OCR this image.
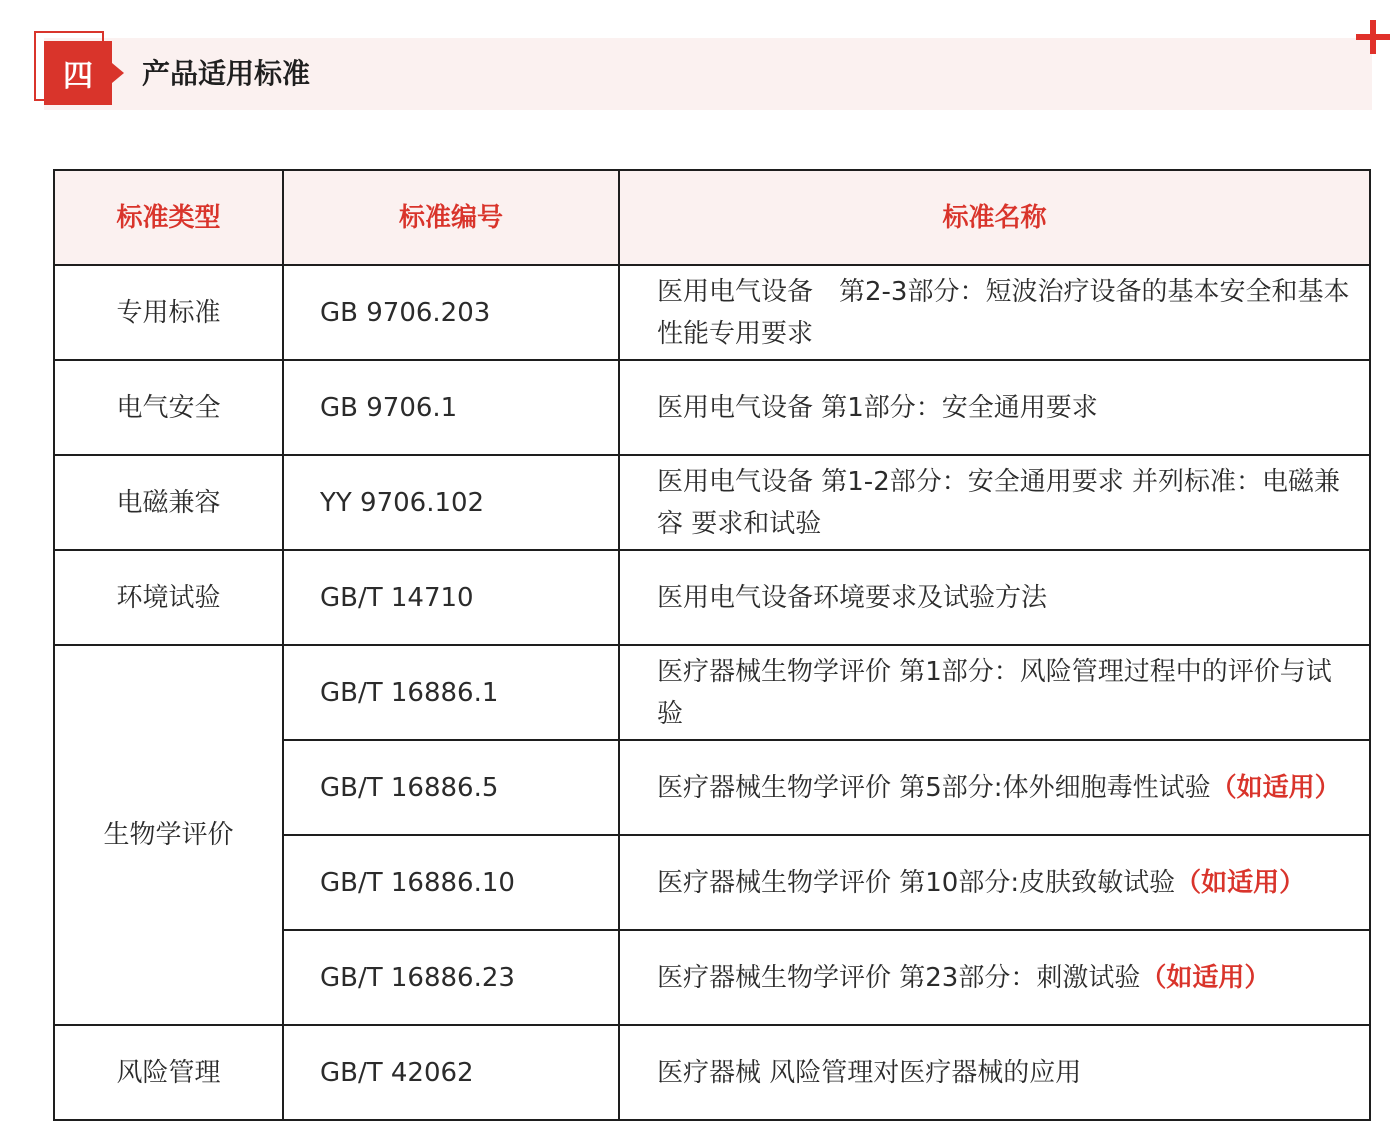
四	产品适用标准
标准类型	标准编号	标准名称
专用标准	GB 9706.203	医用电气设备　第2-3部分：短波治疗设备的基本安全和基本性能专用要求
电气安全	GB 9706.1	医用电气设备 第1部分：安全通用要求
电磁兼容	YY 9706.102	医用电气设备 第1-2部分：安全通用要求 并列标准：电磁兼容 要求和试验
环境试验	GB/T 14710	医用电气设备环境要求及试验方法
生物学评价	GB/T 16886.1	医疗器械生物学评价 第1部分：风险管理过程中的评价与试验
	GB/T 16886.5	医疗器械生物学评价 第5部分:体外细胞毒性试验（如适用）
	GB/T 16886.10	医疗器械生物学评价 第10部分:皮肤致敏试验（如适用）
	GB/T 16886.23	医疗器械生物学评价 第23部分：刺激试验（如适用）
风险管理	GB/T 42062	医疗器械 风险管理对医疗器械的应用
